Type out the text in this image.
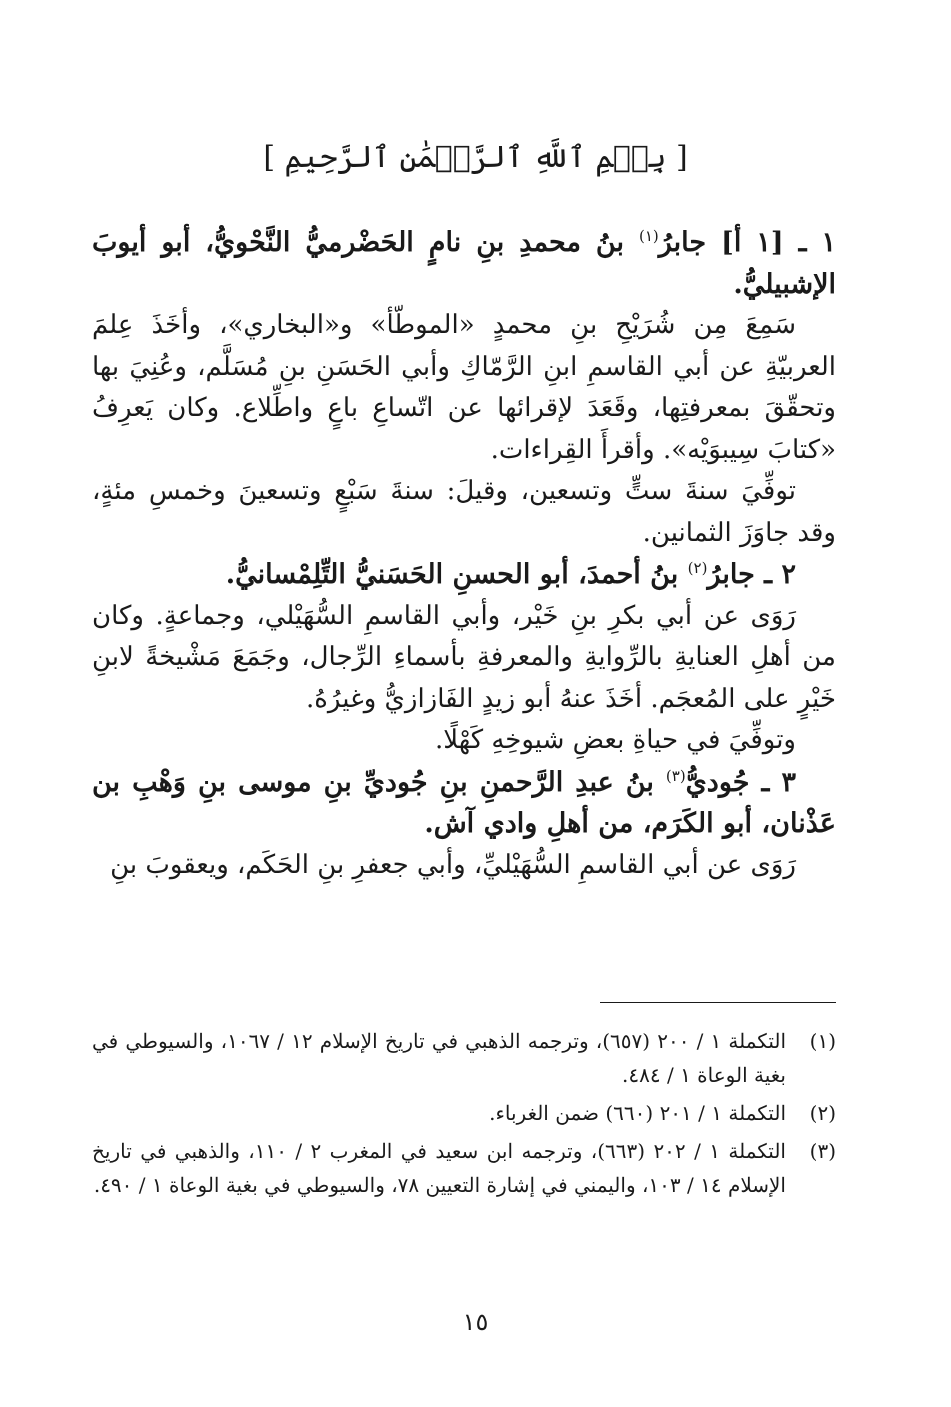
[ بِسۡمِ ٱللَّهِ ٱلرَّحۡمَٰنِ ٱلرَّحِيمِ ]

١ ـ [١ أ] جابرُ$^{(١)}$ بنُ محمدِ بنِ نامٍ الحَضْرميُّ النَّحْويُّ، أبو أيوبَ الإشبيليُّ.

سَمِعَ مِن شُرَيْحِ بنِ محمدٍ «الموطّأ» و«البخاري»، وأخَذَ عِلمَ العربيّةِ عن أبي القاسمِ ابنِ الرَّمّاكِ وأبي الحَسَنِ بنِ مُسَلَّم، وعُنِيَ بها وتحقّقَ بمعرفتِها، وقَعَدَ لإقرائها عن اتّساعِ باعٍ واطِّلاع. وكان يَعرِفُ «كتابَ سِيبوَيْه». وأقرأَ القِراءات.

توفِّيَ سنةَ ستٍّ وتسعين، وقيلَ: سنةَ سَبْعٍ وتسعينَ وخمسِ مئةٍ، وقد جاوَزَ الثمانين.

٢ ـ جابرُ$^{(٢)}$ بنُ أحمدَ، أبو الحسنِ الحَسَنيُّ التِّلِمْسانيُّ.

رَوَى عن أبي بكرِ بنِ خَيْر، وأبي القاسمِ السُّهَيْلي، وجماعةٍ. وكان من أهلِ العنايةِ بالرِّوايةِ والمعرفةِ بأسماءِ الرِّجال، وجَمَعَ مَشْيخةً لابنِ خَيْرٍ على المُعجَم. أخَذَ عنهُ أبو زيدٍ الفَازازيُّ وغيرُهُ.

وتوفِّيَ في حياةِ بعضِ شيوخِهِ كَهْلًا.

٣ ـ جُوديُّ$^{(٣)}$ بنُ عبدِ الرَّحمنِ بنِ جُوديِّ بنِ موسى بنِ وَهْبِ بن عَذْنان، أبو الكَرَم، من أهلِ وادي آش.

رَوَى عن أبي القاسمِ السُّهَيْليِّ، وأبي جعفرِ بنِ الحَكَم، ويعقوبَ بنِ

(١)
التكملة ١ / ٢٠٠ (٦٥٧)، وترجمه الذهبي في تاريخ الإسلام ١٢ / ١٠٦٧، والسيوطي في بغية الوعاة ١ / ٤٨٤.

(٢)
التكملة ١ / ٢٠١ (٦٦٠) ضمن الغرباء.

(٣)
التكملة ١ / ٢٠٢ (٦٦٣)، وترجمه ابن سعيد في المغرب ٢ / ١١٠، والذهبي في تاريخ الإسلام ١٤ / ١٠٣، واليمني في إشارة التعيين ٧٨، والسيوطي في بغية الوعاة ١ / ٤٩٠.

١٥
